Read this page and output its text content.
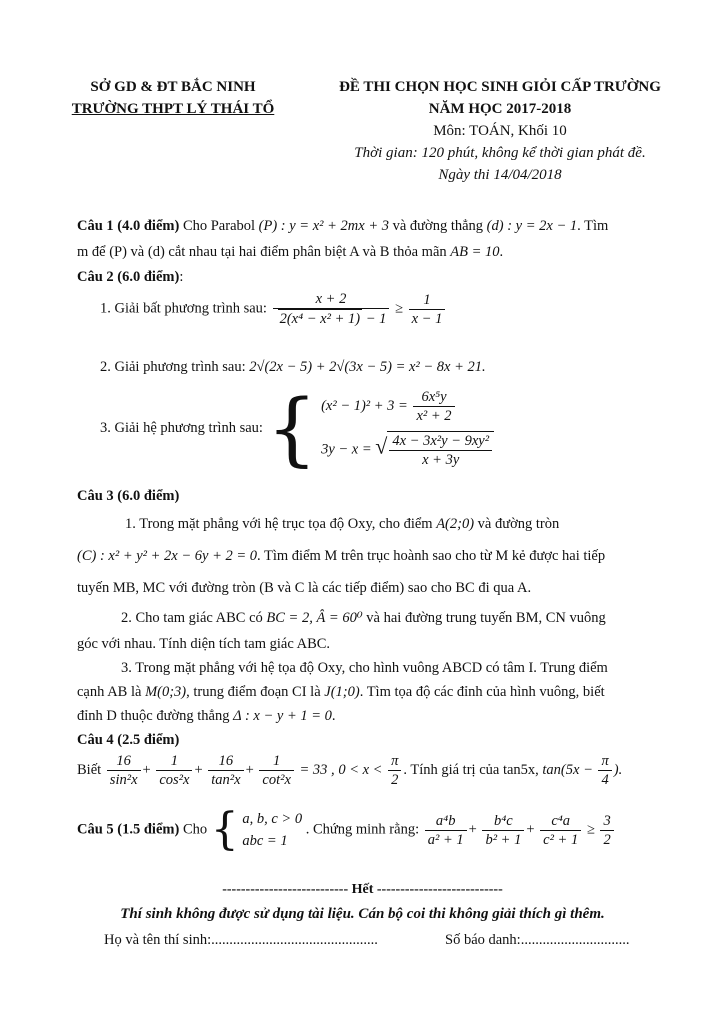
SỞ GD & ĐT BẮC NINH
TRƯỜNG THPT LÝ THÁI TỔ
ĐỀ THI CHỌN HỌC SINH GIỎI CẤP TRƯỜNG
NĂM HỌC 2017-2018
Môn: TOÁN, Khối 10
Thời gian: 120 phút, không kể thời gian phát đề.
Ngày thi 14/04/2018
Câu 1 (4.0 điểm) Cho Parabol (P) : y = x² + 2mx + 3 và đường thẳng (d) : y = 2x − 1. Tìm
m để (P) và (d) cắt nhau tại hai điểm phân biệt A và B thỏa mãn AB = 10.
Câu 2 (6.0 điểm):
1. Giải bất phương trình sau: $\frac{x + 2}{\text{2(x⁴ − x² + 1) − 1}} \ge \frac{1}{x - 1}$
2. Giải phương trình sau: 2√(2x − 5) + 2√(3x − 5) = x² − 8x + 21.
3. Giải hệ phương trình sau: { $(x^2 - 1)^2 + 3 = \frac{\text{6x⁵y}}{\text{x² + 2}}$
3y − x = √ $\frac{\text{4x − 3x²y − 9xy²}}{x + 3y}$
Câu 3 (6.0 điểm)
1. Trong mặt phẳng với hệ trục tọa độ Oxy, cho điểm A(2;0) và đường tròn
(C) : x² + y² + 2x − 6y + 2 = 0. Tìm điểm M trên trục hoành sao cho từ M kẻ được hai tiếp
tuyến MB, MC với đường tròn (B và C là các tiếp điểm) sao cho BC đi qua A.
2. Cho tam giác ABC có BC = 2, Â = 60⁰ và hai đường trung tuyến BM, CN vuông
góc với nhau. Tính diện tích tam giác ABC.
3. Trong mặt phẳng với hệ tọa độ Oxy, cho hình vuông ABCD có tâm I. Trung điểm
cạnh AB là M(0;3), trung điểm đoạn CI là J(1;0). Tìm tọa độ các đỉnh của hình vuông, biết
đỉnh D thuộc đường thẳng Δ : x − y + 1 = 0.
Câu 4 (2.5 điểm)
Biết $\frac{16}{\text{sin²x}} + \frac{1}{\text{cos²x}} + \frac{16}{\text{tan²x}} + \frac{1}{\text{cot²x}} = 33$ , $0 < x < \frac{\pi}{2}$ . Tính giá trị của tan5x, $\tan(5x - \frac{\pi}{4}$ ).
Câu 5 (1.5 điểm) Cho { a, b, c > 0
abc = 1
. Chứng minh rằng: $\frac{\text{a⁴b}}{\text{a² + 1}} + \frac{\text{b⁴c}}{\text{b² + 1}} + \frac{\text{c⁴a}}{\text{c² + 1}} \ge \frac{3}{2}$
--------------------------- Hết ---------------------------
Thí sinh không được sử dụng tài liệu. Cán bộ coi thi không giải thích gì thêm.
Họ và tên thí sinh:..............................................	Số báo danh:..............................
